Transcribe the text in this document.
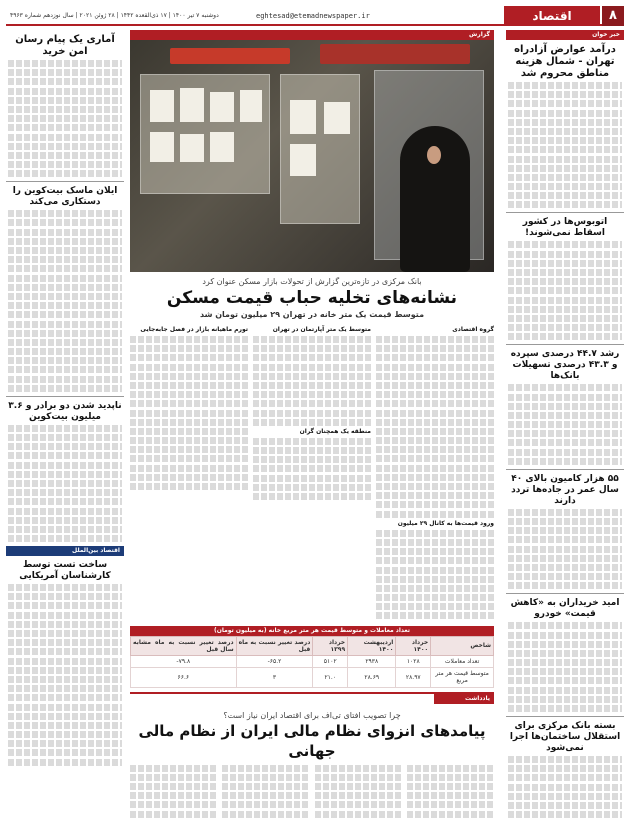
۸
اقتصاد
eghtesad@etemadnewspaper.ir
دوشنبه ۷ تیر ۱۴۰۰ | ۱۷ ذی‌القعده ۱۴۴۲ | ۲۸ ژوئن ۲۰۲۱ | سال نوزدهم شماره ۴۹۶۳
خبر خوان
درآمد عوارض آزادراه تهران - شمال هزینه مناطق محروم شد
اتوبوس‌ها در کشور اسقاط نمی‌شوند!
رشد ۴۴.۷ درصدی سپرده و ۴۳.۳ درصدی تسهیلات بانک‌ها
۵۵ هزار کامیون بالای ۴۰ سال عمر در جاده‌ها تردد دارند
امید خریداران به «کاهش قیمت» خودرو
بسته بانک مرکزی برای استقلال ساختمان‌ها اجرا نمی‌شود
گزارش
بانک مرکزی در تازه‌ترین گزارش از تحولات بازار مسکن عنوان کرد
نشانه‌های تخلیه حباب قیمت مسکن
متوسط قیمت یک متر خانه در تهران ۲۹ میلیون تومان شد
گروه اقتصادی
ورود قیمت‌ها به کانال ۲۹ میلیون
متوسط یک متر آپارتمان در تهران
منطقه یک همچنان گران
تورم ماهیانه بازار در فصل جابه‌جایی
تعداد معاملات و متوسط قیمت هر متر مربع خانه (به میلیون تومان)
شاخص	خرداد ۱۴۰۰	اردیبهشت ۱۴۰۰	خرداد ۱۳۹۹	درصد تغییر نسبت به ماه قبل	درصد تغییر نسبت به ماه مشابه سال قبل
تعداد معاملات	۱۰۲۸	۲۹۳۸	۵۱۰۲	۶۵.۲-	۷۹.۸-
متوسط قیمت هر متر مربع	۲۸.۹۷	۲۸.۶۹	۲۱.۰	۳	۶۶.۶
یادداشت
چرا تصویب افتای تی‌اف برای اقتصاد ایران نیاز است؟
پیامدهای انزوای نظام مالی ایران از نظام مالی جهانی
آماری یک پیام رسان امن خرید
ایلان ماسک بیت‌کوین را دستکاری می‌کند
ناپدید شدن دو برادر و ۳.۶ میلیون بیت‌کوین
اقتصاد بین‌الملل
ساخت تست توسط کارشناسان آمریکایی
